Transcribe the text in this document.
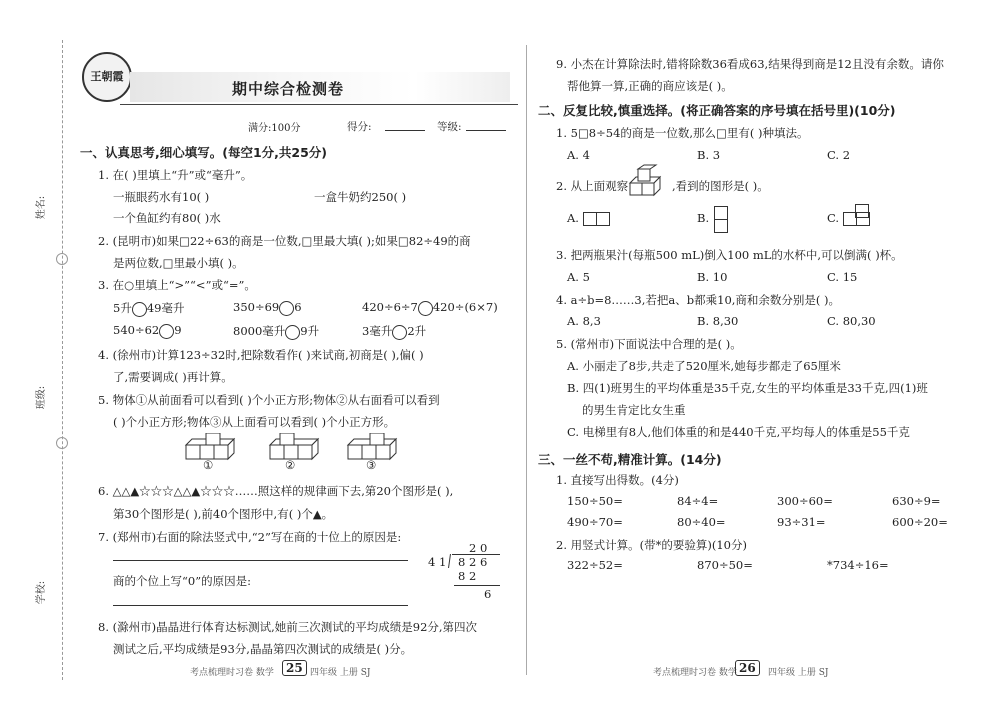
姓名:
班级:
学校:
王朝霞
期中综合检测卷
满分:100分	得分:	等级:
一、认真思考,细心填写。(每空1分,共25分)
1. 在( )里填上“升”或“毫升”。
一瓶眼药水有10( )	一盒牛奶约250( )
一个鱼缸约有80( )水
2. (昆明市)如果□22÷63的商是一位数,□里最大填( );如果□82÷49的商
是两位数,□里最小填( )。
3. 在○里填上“>”“<”或“=”。
5升 49毫升	350÷69 6	420÷6÷7 420÷(6×7)
540÷62 9	8000毫升 9升	3毫升 2升
4. (徐州市)计算123÷32时,把除数看作( )来试商,初商是( ),偏( )
了,需要调成( )再计算。
5. 物体①从前面看可以看到( )个小正方形;物体②从右面看可以看到
( )个小正方形;物体③从上面看可以看到( )个小正方形。
①	②	③
6. △△▲☆☆☆△△▲☆☆☆……照这样的规律画下去,第20个图形是( ),
第30个图形是( ),前40个图形中,有( )个▲。
7. (郑州市)右面的除法竖式中,“2”写在商的十位上的原因是:
商的个位上写“0”的原因是:
2 0
4 1 8 2 6
8 2
6
8. (滁州市)晶晶进行体育达标测试,她前三次测试的平均成绩是92分,第四次
测试之后,平均成绩是93分,晶晶第四次测试的成绩是( )分。
考点梳理时习卷 数学	25 四年级 上册 SJ
9. 小杰在计算除法时,错将除数36看成63,结果得到商是12且没有余数。请你
帮他算一算,正确的商应该是( )。
二、反复比较,慎重选择。(将正确答案的序号填在括号里)(10分)
1. 5□8÷54的商是一位数,那么□里有( )种填法。
A. 4	B. 3	C. 2
2. 从上面观察	,看到的图形是( )。
A.	B.	C.
3. 把两瓶果汁(每瓶500 mL)倒入100 mL的水杯中,可以倒满( )杯。
A. 5	B. 10	C. 15
4. a÷b=8……3,若把a、b都乘10,商和余数分别是( )。
A. 8,3	B. 8,30	C. 80,30
5. (常州市)下面说法中合理的是( )。
A. 小丽走了8步,共走了520厘米,她每步都走了65厘米
B. 四(1)班男生的平均体重是35千克,女生的平均体重是33千克,四(1)班
的男生肯定比女生重
C. 电梯里有8人,他们体重的和是440千克,平均每人的体重是55千克
三、一丝不苟,精准计算。(14分)
1. 直接写出得数。(4分)
150÷50=	84÷4=	300÷60=	630÷9=
490÷70=	80÷40=	93÷31=	600÷20=
2. 用竖式计算。(带*的要验算)(10分)
322÷52=	870÷50=	*734÷16=
考点梳理时习卷 数学 26	四年级 上册 SJ
